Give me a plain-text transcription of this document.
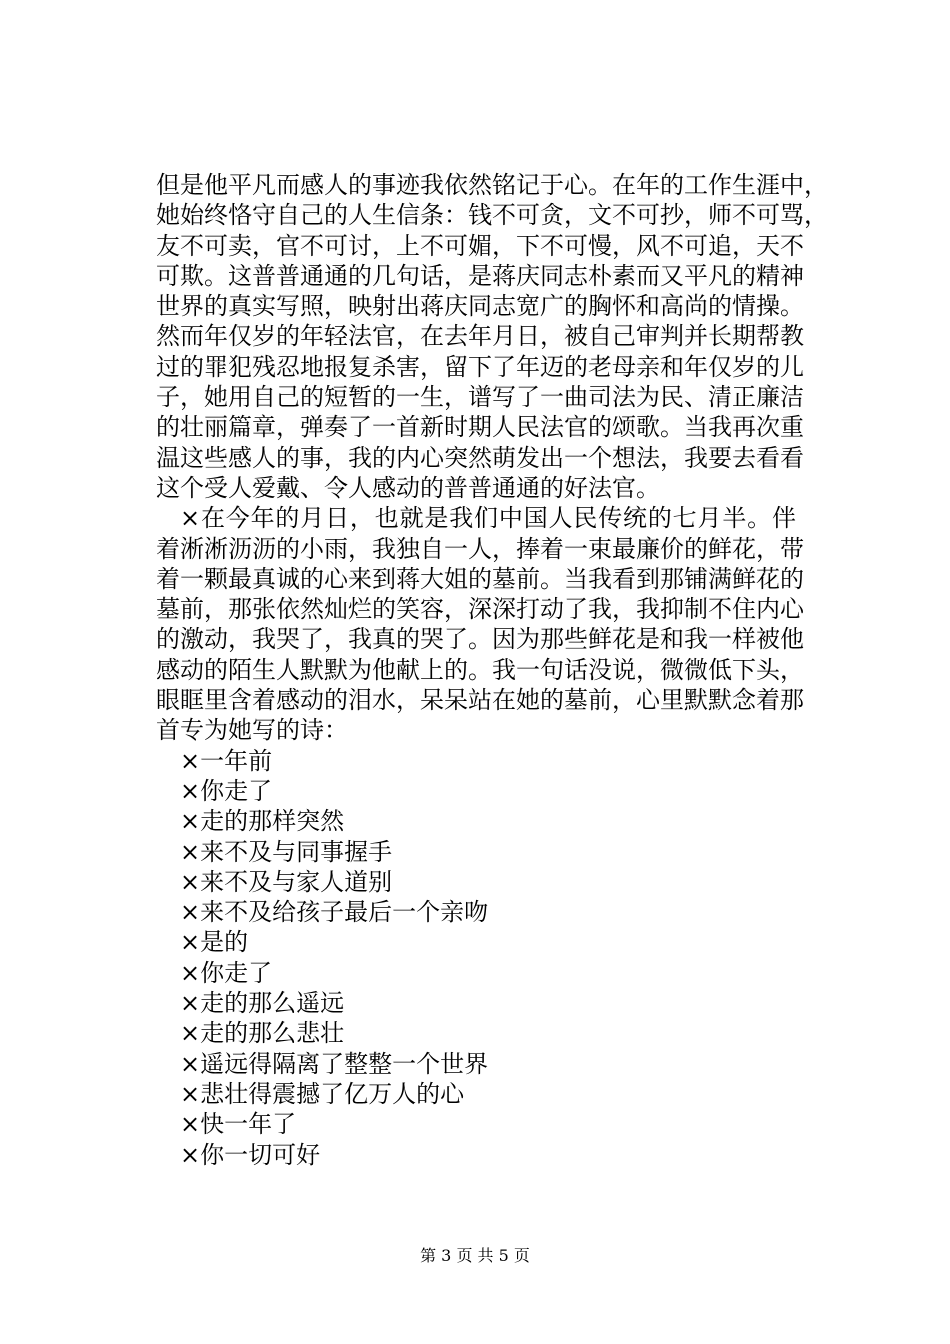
但是他平凡而感人的事迹我依然铭记于心。在年的工作生涯中，
她始终恪守自己的人生信条：钱不可贪，文不可抄，师不可骂，
友不可卖，官不可讨，上不可媚，下不可慢，风不可追，天不
可欺。这普普通通的几句话，是蒋庆同志朴素而又平凡的精神
世界的真实写照，映射出蒋庆同志宽广的胸怀和高尚的情操。
然而年仅岁的年轻法官，在去年月日，被自己审判并长期帮教
过的罪犯残忍地报复杀害，留下了年迈的老母亲和年仅岁的儿
子，她用自己的短暂的一生，谱写了一曲司法为民、清正廉洁
的壮丽篇章，弹奏了一首新时期人民法官的颂歌。当我再次重
温这些感人的事，我的内心突然萌发出一个想法，我要去看看
这个受人爱戴、令人感动的普普通通的好法官。
×在今年的月日，也就是我们中国人民传统的七月半。伴
着淅淅沥沥的小雨，我独自一人，捧着一束最廉价的鲜花，带
着一颗最真诚的心来到蒋大姐的墓前。当我看到那铺满鲜花的
墓前，那张依然灿烂的笑容，深深打动了我，我抑制不住内心
的激动，我哭了，我真的哭了。因为那些鲜花是和我一样被他
感动的陌生人默默为他献上的。我一句话没说，微微低下头，
眼眶里含着感动的泪水，呆呆站在她的墓前，心里默默念着那
首专为她写的诗：
×一年前
×你走了
×走的那样突然
×来不及与同事握手
×来不及与家人道别
×来不及给孩子最后一个亲吻
×是的
×你走了
×走的那么遥远
×走的那么悲壮
×遥远得隔离了整整一个世界
×悲壮得震撼了亿万人的心
×快一年了
×你一切可好
第 3 页 共 5 页
